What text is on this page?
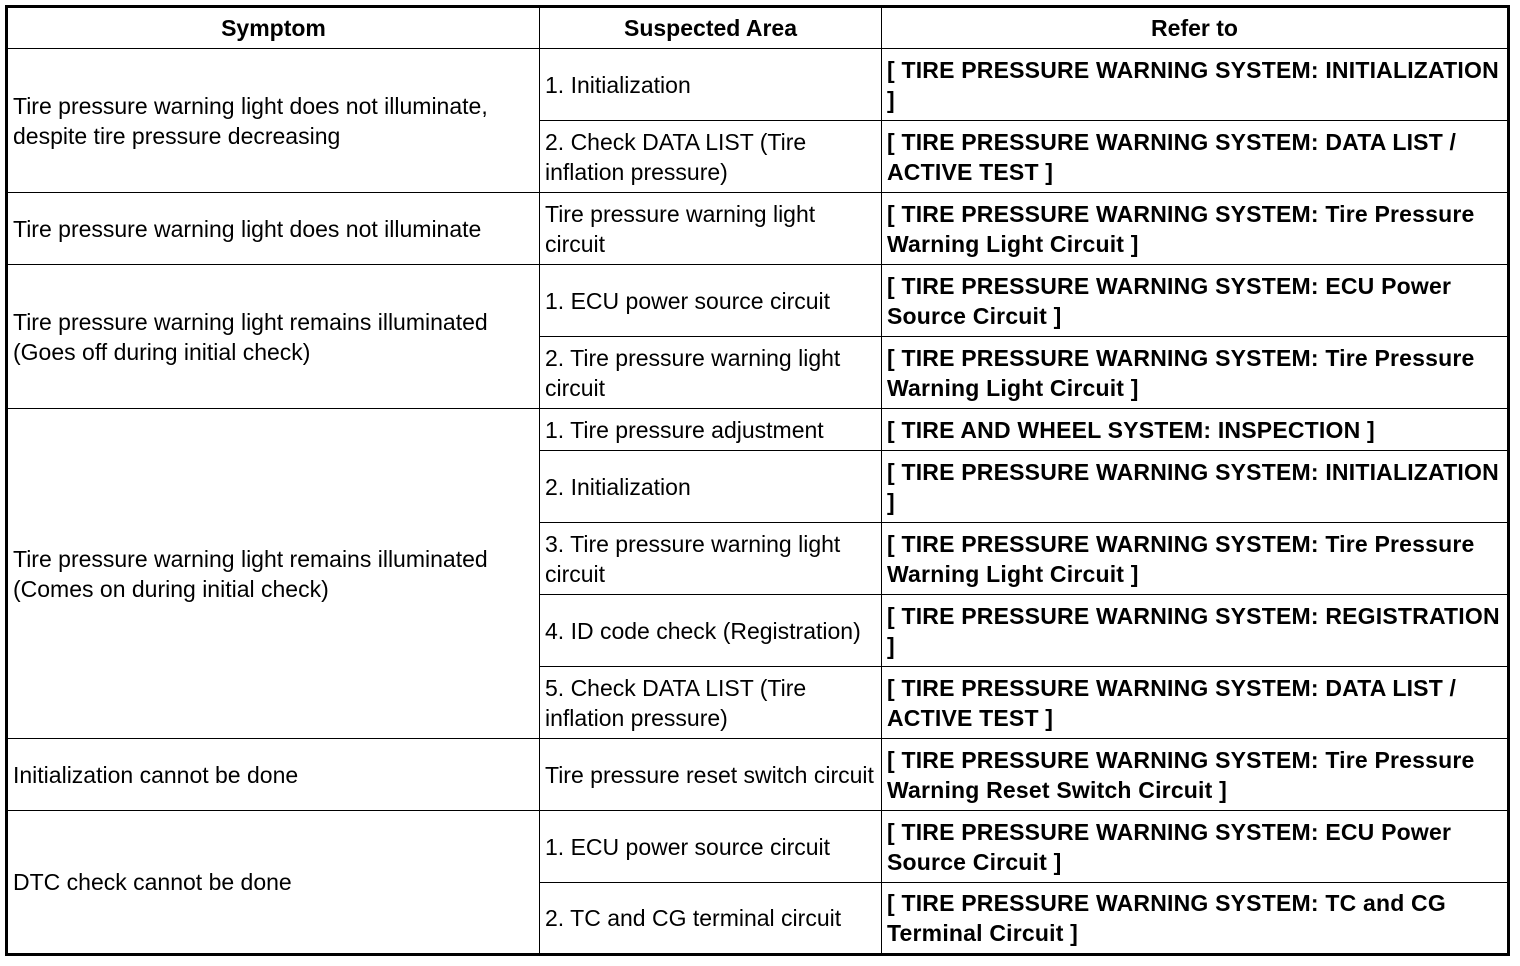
Symptom	Suspected Area	Refer to
Tire pressure warning light does not illuminate, despite tire pressure decreasing	1. Initialization	[ TIRE PRESSURE WARNING SYSTEM: INITIALIZATION ]
	2. Check DATA LIST (Tire inflation pressure)	[ TIRE PRESSURE WARNING SYSTEM: DATA LIST / ACTIVE TEST ]
Tire pressure warning light does not illuminate	Tire pressure warning light circuit	[ TIRE PRESSURE WARNING SYSTEM: Tire Pressure Warning Light Circuit ]
Tire pressure warning light remains illuminated (Goes off during initial check)	1. ECU power source circuit	[ TIRE PRESSURE WARNING SYSTEM: ECU Power Source Circuit ]
	2. Tire pressure warning light circuit	[ TIRE PRESSURE WARNING SYSTEM: Tire Pressure Warning Light Circuit ]
Tire pressure warning light remains illuminated (Comes on during initial check)	1. Tire pressure adjustment	[ TIRE AND WHEEL SYSTEM: INSPECTION ]
	2. Initialization	[ TIRE PRESSURE WARNING SYSTEM: INITIALIZATION ]
	3. Tire pressure warning light circuit	[ TIRE PRESSURE WARNING SYSTEM: Tire Pressure Warning Light Circuit ]
	4. ID code check (Registration)	[ TIRE PRESSURE WARNING SYSTEM: REGISTRATION ]
	5. Check DATA LIST (Tire inflation pressure)	[ TIRE PRESSURE WARNING SYSTEM: DATA LIST / ACTIVE TEST ]
Initialization cannot be done	Tire pressure reset switch circuit	[ TIRE PRESSURE WARNING SYSTEM: Tire Pressure Warning Reset Switch Circuit ]
DTC check cannot be done	1. ECU power source circuit	[ TIRE PRESSURE WARNING SYSTEM: ECU Power Source Circuit ]
	2. TC and CG terminal circuit	[ TIRE PRESSURE WARNING SYSTEM: TC and CG Terminal Circuit ]
